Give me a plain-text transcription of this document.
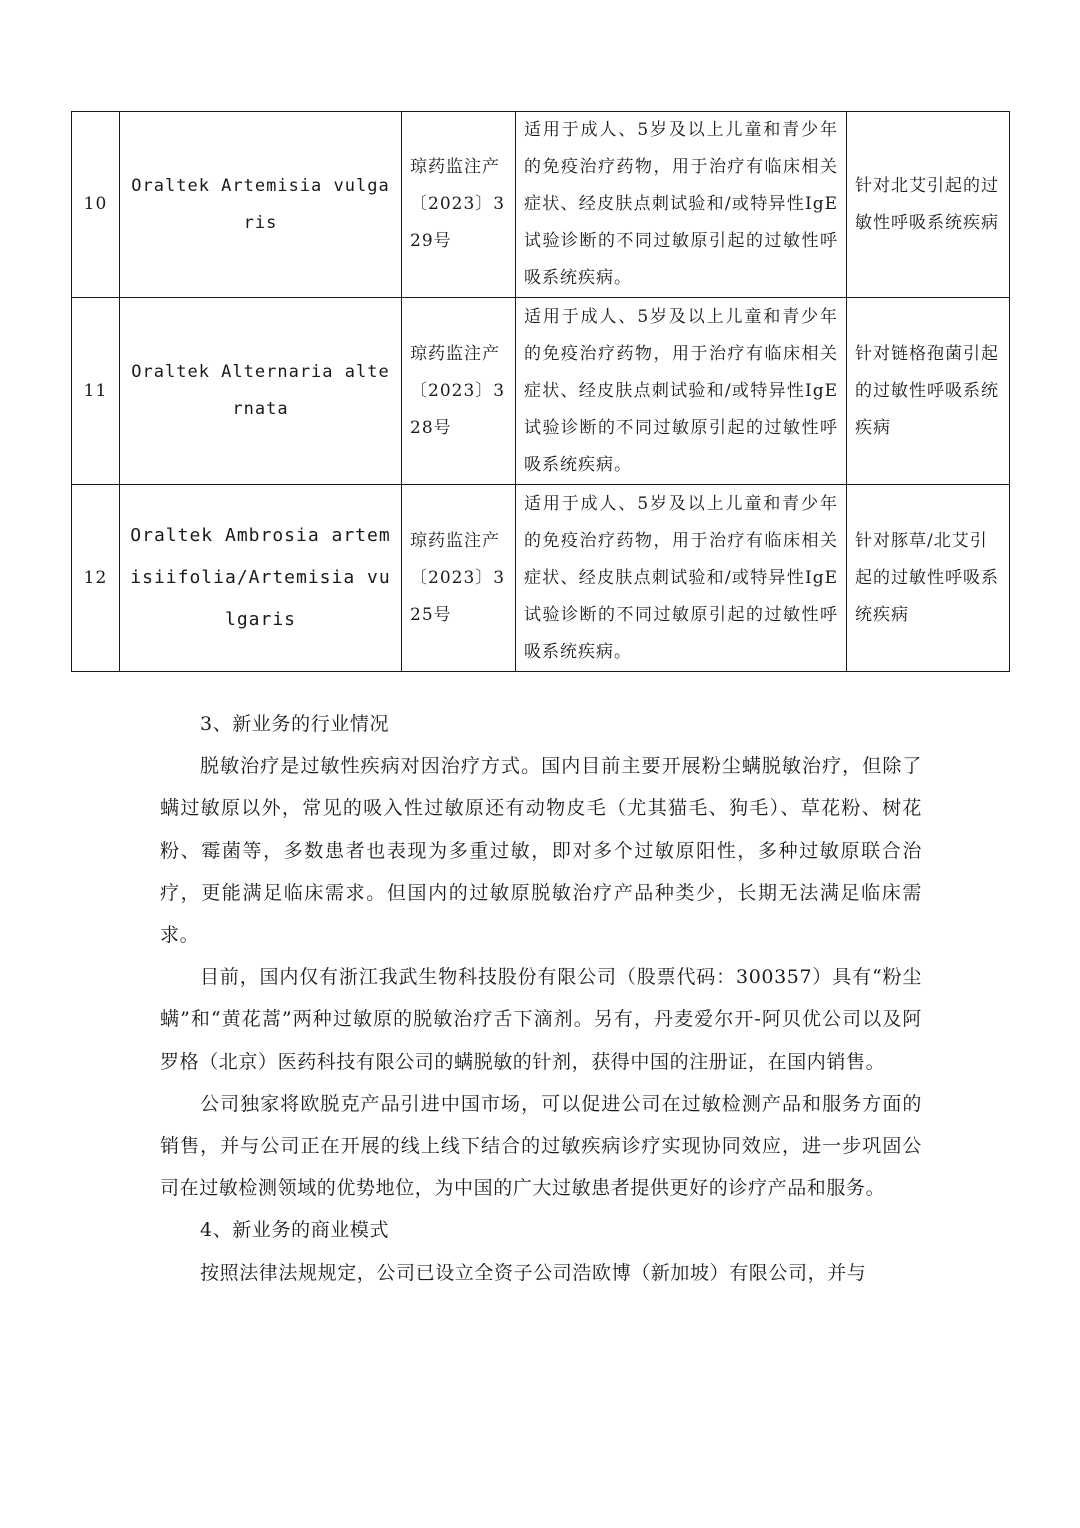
10	Oraltek Artemisia vulgaris	琼药监注产〔2023〕329号	适用于成人、5岁及以上儿童和青少年的免疫治疗药物，用于治疗有临床相关症状、经皮肤点刺试验和/或特异性IgE 试验诊断的不同过敏原引起的过敏性呼吸系统疾病。	针对北艾引起的过敏性呼吸系统疾病
11	Oraltek Alternaria alternata	琼药监注产〔2023〕328号	适用于成人、5岁及以上儿童和青少年的免疫治疗药物，用于治疗有临床相关症状、经皮肤点刺试验和/或特异性IgE 试验诊断的不同过敏原引起的过敏性呼吸系统疾病。	针对链格孢菌引起的过敏性呼吸系统疾病
12	Oraltek Ambrosia artemisiifolia/Artemisia vulgaris	琼药监注产〔2023〕325号	适用于成人、5岁及以上儿童和青少年的免疫治疗药物，用于治疗有临床相关症状、经皮肤点刺试验和/或特异性IgE 试验诊断的不同过敏原引起的过敏性呼吸系统疾病。	针对豚草/北艾引起的过敏性呼吸系统疾病

3、新业务的行业情况

脱敏治疗是过敏性疾病对因治疗方式。国内目前主要开展粉尘螨脱敏治疗，但除了螨过敏原以外，常见的吸入性过敏原还有动物皮毛（尤其猫毛、狗毛）、草花粉、树花粉、霉菌等，多数患者也表现为多重过敏，即对多个过敏原阳性，多种过敏原联合治疗，更能满足临床需求。但国内的过敏原脱敏治疗产品种类少，长期无法满足临床需求。

目前，国内仅有浙江我武生物科技股份有限公司（股票代码：300357）具有“粉尘螨”和“黄花蒿”两种过敏原的脱敏治疗舌下滴剂。另有，丹麦爱尔开-阿贝优公司以及阿罗格（北京）医药科技有限公司的螨脱敏的针剂，获得中国的注册证，在国内销售。

公司独家将欧脱克产品引进中国市场，可以促进公司在过敏检测产品和服务方面的销售，并与公司正在开展的线上线下结合的过敏疾病诊疗实现协同效应，进一步巩固公司在过敏检测领域的优势地位，为中国的广大过敏患者提供更好的诊疗产品和服务。

4、新业务的商业模式

按照法律法规规定，公司已设立全资子公司浩欧博（新加坡）有限公司，并与
